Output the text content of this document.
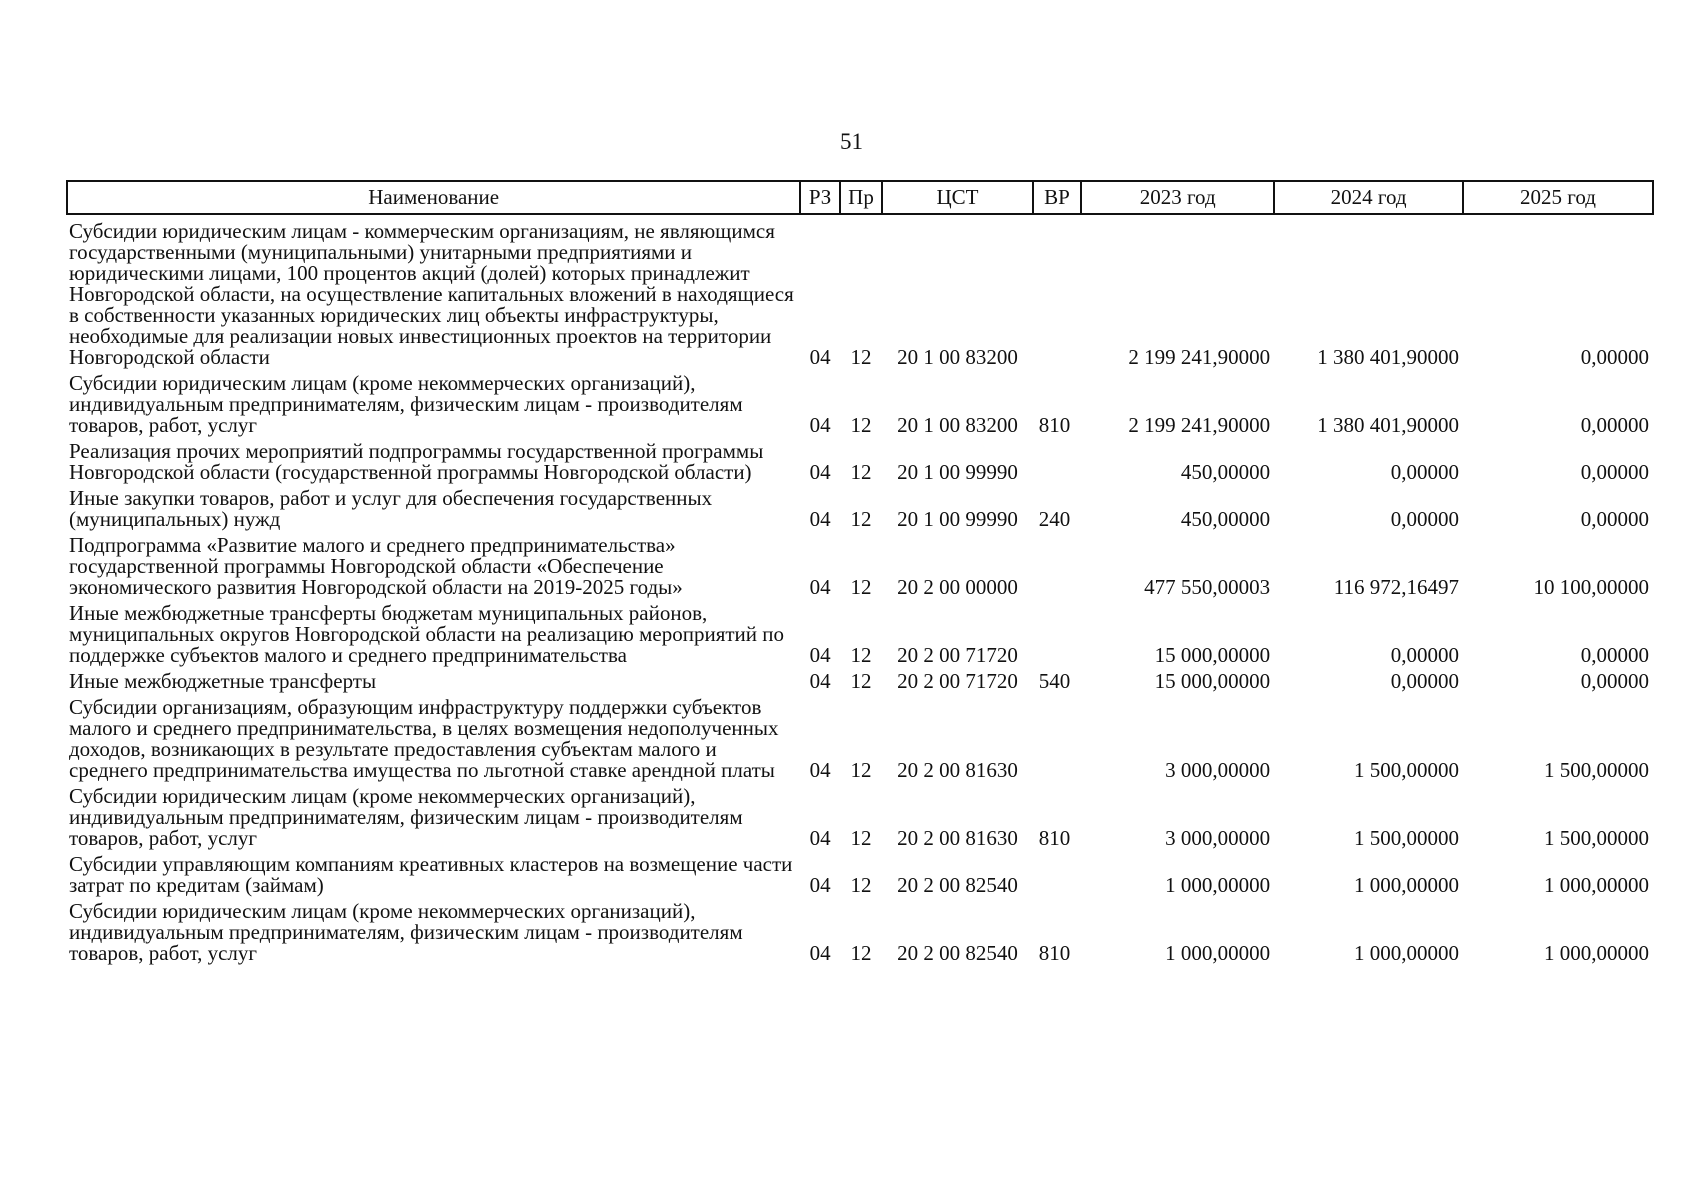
51
Наименование	РЗ	Пр	ЦСТ	ВР	2023 год	2024 год	2025 год
Субсидии юридическим лицам - коммерческим организациям, не являющимся государственными (муниципальными) унитарными предприятиями и юридическими лицами, 100 процентов акций (долей) которых принадлежит Новгородской области, на осуществление капитальных вложений в находящиеся в собственности указанных юридических лиц объекты инфраструктуры, необходимые для реализации новых инвестиционных проектов на территории Новгородской области	04	12	20 1 00 83200		2 199 241,90000	1 380 401,90000	0,00000
Субсидии юридическим лицам (кроме некоммерческих организаций), индивидуальным предпринимателям, физическим лицам - производителям товаров, работ, услуг	04	12	20 1 00 83200	810	2 199 241,90000	1 380 401,90000	0,00000
Реализация прочих мероприятий подпрограммы государственной программы Новгородской области (государственной программы Новгородской области)	04	12	20 1 00 99990		450,00000	0,00000	0,00000
Иные закупки товаров, работ и услуг для обеспечения государственных (муниципальных) нужд	04	12	20 1 00 99990	240	450,00000	0,00000	0,00000
Подпрограмма «Развитие малого и среднего предпринимательства» государственной программы Новгородской области «Обеспечение экономического развития Новгородской области на 2019-2025 годы»	04	12	20 2 00 00000		477 550,00003	116 972,16497	10 100,00000
Иные межбюджетные трансферты бюджетам муниципальных районов, муниципальных округов Новгородской области на реализацию мероприятий по поддержке субъектов малого и среднего предпринимательства	04	12	20 2 00 71720		15 000,00000	0,00000	0,00000
Иные межбюджетные трансферты	04	12	20 2 00 71720	540	15 000,00000	0,00000	0,00000
Субсидии организациям, образующим инфраструктуру поддержки субъектов малого и среднего предпринимательства, в целях возмещения недополученных доходов, возникающих в результате предоставления субъектам малого и среднего предпринимательства имущества по льготной ставке арендной платы	04	12	20 2 00 81630		3 000,00000	1 500,00000	1 500,00000
Субсидии юридическим лицам (кроме некоммерческих организаций), индивидуальным предпринимателям, физическим лицам - производителям товаров, работ, услуг	04	12	20 2 00 81630	810	3 000,00000	1 500,00000	1 500,00000
Субсидии управляющим компаниям креативных кластеров на возмещение части затрат по кредитам (займам)	04	12	20 2 00 82540		1 000,00000	1 000,00000	1 000,00000
Субсидии юридическим лицам (кроме некоммерческих организаций), индивидуальным предпринимателям, физическим лицам - производителям товаров, работ, услуг	04	12	20 2 00 82540	810	1 000,00000	1 000,00000	1 000,00000
